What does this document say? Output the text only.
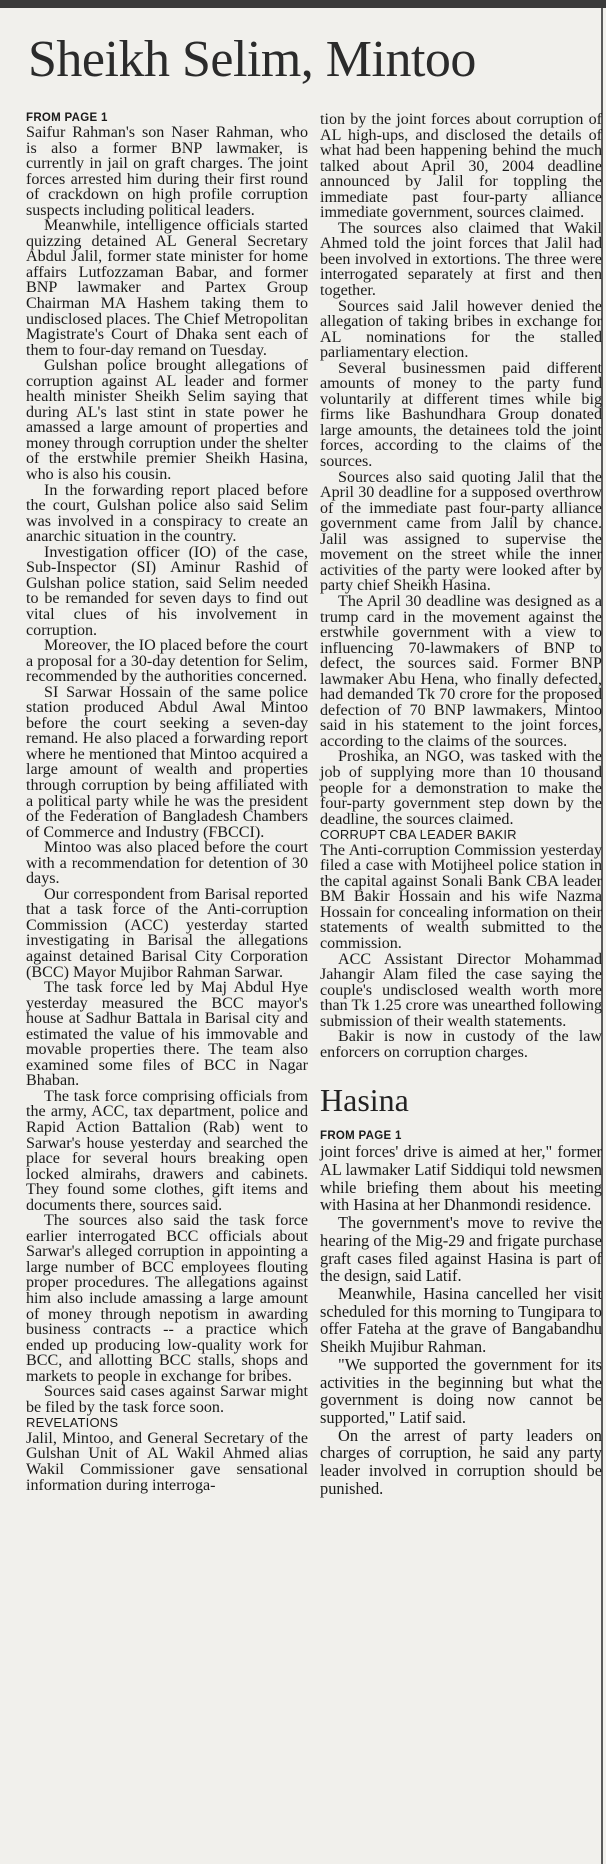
Sheikh Selim, Mintoo
FROM PAGE 1

Saifur Rahman's son Naser Rahman, who is also a former BNP lawmaker, is currently in jail on graft charges. The joint forces arrested him during their first round of crackdown on high profile corruption suspects including political leaders.

Meanwhile, intelligence officials started quizzing detained AL General Secretary Abdul Jalil, former state minister for home affairs Lutfozzaman Babar, and former BNP lawmaker and Partex Group Chairman MA Hashem taking them to undisclosed places. The Chief Metropolitan Magistrate's Court of Dhaka sent each of them to four-day remand on Tuesday.

Gulshan police brought allegations of corruption against AL leader and former health minister Sheikh Selim saying that during AL's last stint in state power he amassed a large amount of properties and money through corruption under the shelter of the erstwhile premier Sheikh Hasina, who is also his cousin.

In the forwarding report placed before the court, Gulshan police also said Selim was involved in a conspiracy to create an anarchic situation in the country.

Investigation officer (IO) of the case, Sub-Inspector (SI) Aminur Rashid of Gulshan police station, said Selim needed to be remanded for seven days to find out vital clues of his involvement in corruption.

Moreover, the IO placed before the court a proposal for a 30-day detention for Selim, recommended by the authorities concerned.

SI Sarwar Hossain of the same police station produced Abdul Awal Mintoo before the court seeking a seven-day remand. He also placed a forwarding report where he mentioned that Mintoo acquired a large amount of wealth and properties through corruption by being affiliated with a political party while he was the president of the Federation of Bangladesh Chambers of Commerce and Industry (FBCCI).

Mintoo was also placed before the court with a recommendation for detention of 30 days.

Our correspondent from Barisal reported that a task force of the Anti-corruption Commission (ACC) yesterday started investigating in Barisal the allegations against detained Barisal City Corporation (BCC) Mayor Mujibor Rahman Sarwar.

The task force led by Maj Abdul Hye yesterday measured the BCC mayor's house at Sadhur Battala in Barisal city and estimated the value of his immovable and movable properties there. The team also examined some files of BCC in Nagar Bhaban.

The task force comprising officials from the army, ACC, tax department, police and Rapid Action Battalion (Rab) went to Sarwar's house yesterday and searched the place for several hours breaking open locked almirahs, drawers and cabinets. They found some clothes, gift items and documents there, sources said.

The sources also said the task force earlier interrogated BCC officials about Sarwar's alleged corruption in appointing a large number of BCC employees flouting proper procedures. The allegations against him also include amassing a large amount of money through nepotism in awarding business contracts -- a practice which ended up producing low-quality work for BCC, and allotting BCC stalls, shops and markets to people in exchange for bribes.

Sources said cases against Sarwar might be filed by the task force soon.

REVELATIONS

Jalil, Mintoo, and General Secretary of the Gulshan Unit of AL Wakil Ahmed alias Wakil Commissioner gave sensational information during interroga-

tion by the joint forces about corruption of AL high-ups, and disclosed the details of what had been happening behind the much talked about April 30, 2004 deadline announced by Jalil for toppling the immediate past four-party alliance immediate government, sources claimed.

The sources also claimed that Wakil Ahmed told the joint forces that Jalil had been involved in extortions. The three were interrogated separately at first and then together.

Sources said Jalil however denied the allegation of taking bribes in exchange for AL nominations for the stalled parliamentary election.

Several businessmen paid different amounts of money to the party fund voluntarily at different times while big firms like Bashundhara Group donated large amounts, the detainees told the joint forces, according to the claims of the sources.

Sources also said quoting Jalil that the April 30 deadline for a supposed overthrow of the immediate past four-party alliance government came from Jalil by chance. Jalil was assigned to supervise the movement on the street while the inner activities of the party were looked after by party chief Sheikh Hasina.

The April 30 deadline was designed as a trump card in the movement against the erstwhile government with a view to influencing 70-lawmakers of BNP to defect, the sources said. Former BNP lawmaker Abu Hena, who finally defected, had demanded Tk 70 crore for the proposed defection of 70 BNP lawmakers, Mintoo said in his statement to the joint forces, according to the claims of the sources.

Proshika, an NGO, was tasked with the job of supplying more than 10 thousand people for a demonstration to make the four-party government step down by the deadline, the sources claimed.

CORRUPT CBA LEADER BAKIR

The Anti-corruption Commission yesterday filed a case with Motijheel police station in the capital against Sonali Bank CBA leader BM Bakir Hossain and his wife Nazma Hossain for concealing information on their statements of wealth submitted to the commission.

ACC Assistant Director Mohammad Jahangir Alam filed the case saying the couple's undisclosed wealth worth more than Tk 1.25 crore was unearthed following submission of their wealth statements.

Bakir is now in custody of the law enforcers on corruption charges.

Hasina
FROM PAGE 1

joint forces' drive is aimed at her," former AL lawmaker Latif Siddiqui told newsmen while briefing them about his meeting with Hasina at her Dhanmondi residence.

The government's move to revive the hearing of the Mig-29 and frigate purchase graft cases filed against Hasina is part of the design, said Latif.

Meanwhile, Hasina cancelled her visit scheduled for this morning to Tungipara to offer Fateha at the grave of Bangabandhu Sheikh Mujibur Rahman.

"We supported the government for its activities in the beginning but what the government is doing now cannot be supported," Latif said.

On the arrest of party leaders on charges of corruption, he said any party leader involved in corruption should be punished.
